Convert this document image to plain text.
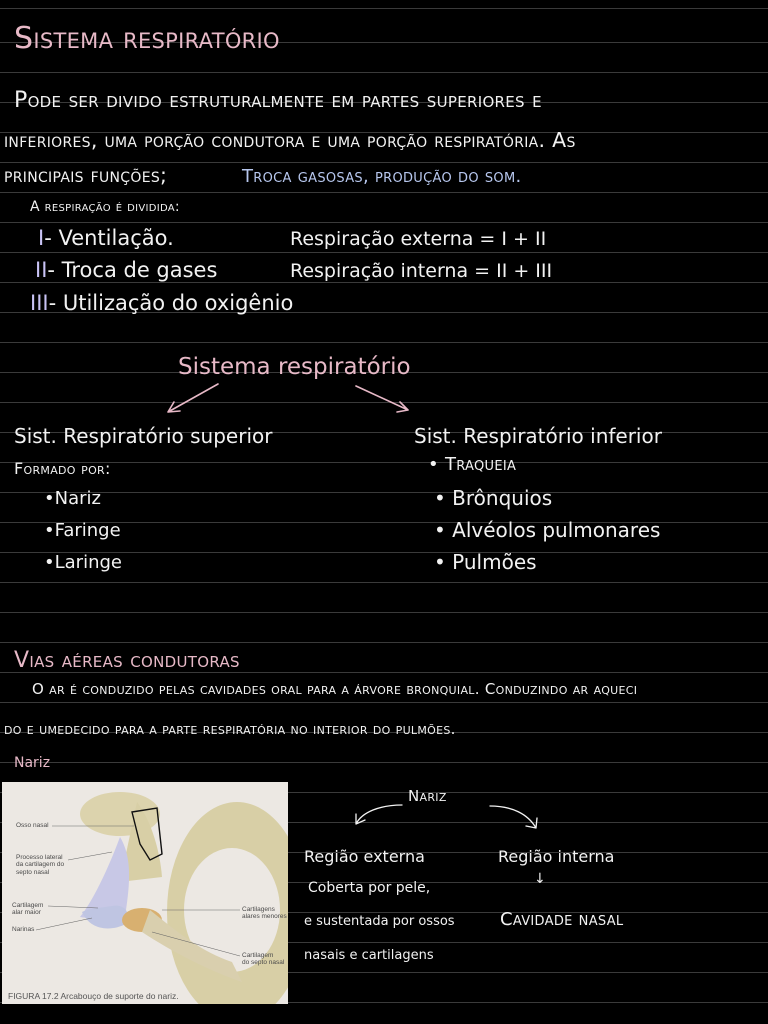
Sistema respiratório
Pode ser divido estruturalmente em partes superiores e
inferiores, uma porção condutora e uma porção respiratória. As
principais funções;	Troca gasosas, produção do som.
A respiração é dividida:
I- Ventilação.
II- Troca de gases
III- Utilização do oxigênio
Respiração externa = I + II
Respiração interna = II + III
Sistema respiratório
Sist. Respiratório superior
Formado por:
•Nariz
•Faringe
•Laringe
Sist. Respiratório inferior
• Traqueia
• Brônquios
• Alvéolos pulmonares
• Pulmões
Vias aéreas condutoras
O ar é conduzido pelas cavidades oral para a árvore bronquial. Conduzindo ar aqueci
do e umedecido para a parte respiratória no interior do pulmões.
Nariz
Osso nasal
Processo lateral
da cartilagem do
septo nasal
Cartilagem
alar maior
Narinas
Cartilagens
alares menores
Cartilagem
do septo nasal
FIGURA 17.2 Arcabouço de suporte do nariz.
Nariz
Região externa
Coberta por pele,
e sustentada por ossos
nasais e cartilagens
Região interna
↓
Cavidade nasal
